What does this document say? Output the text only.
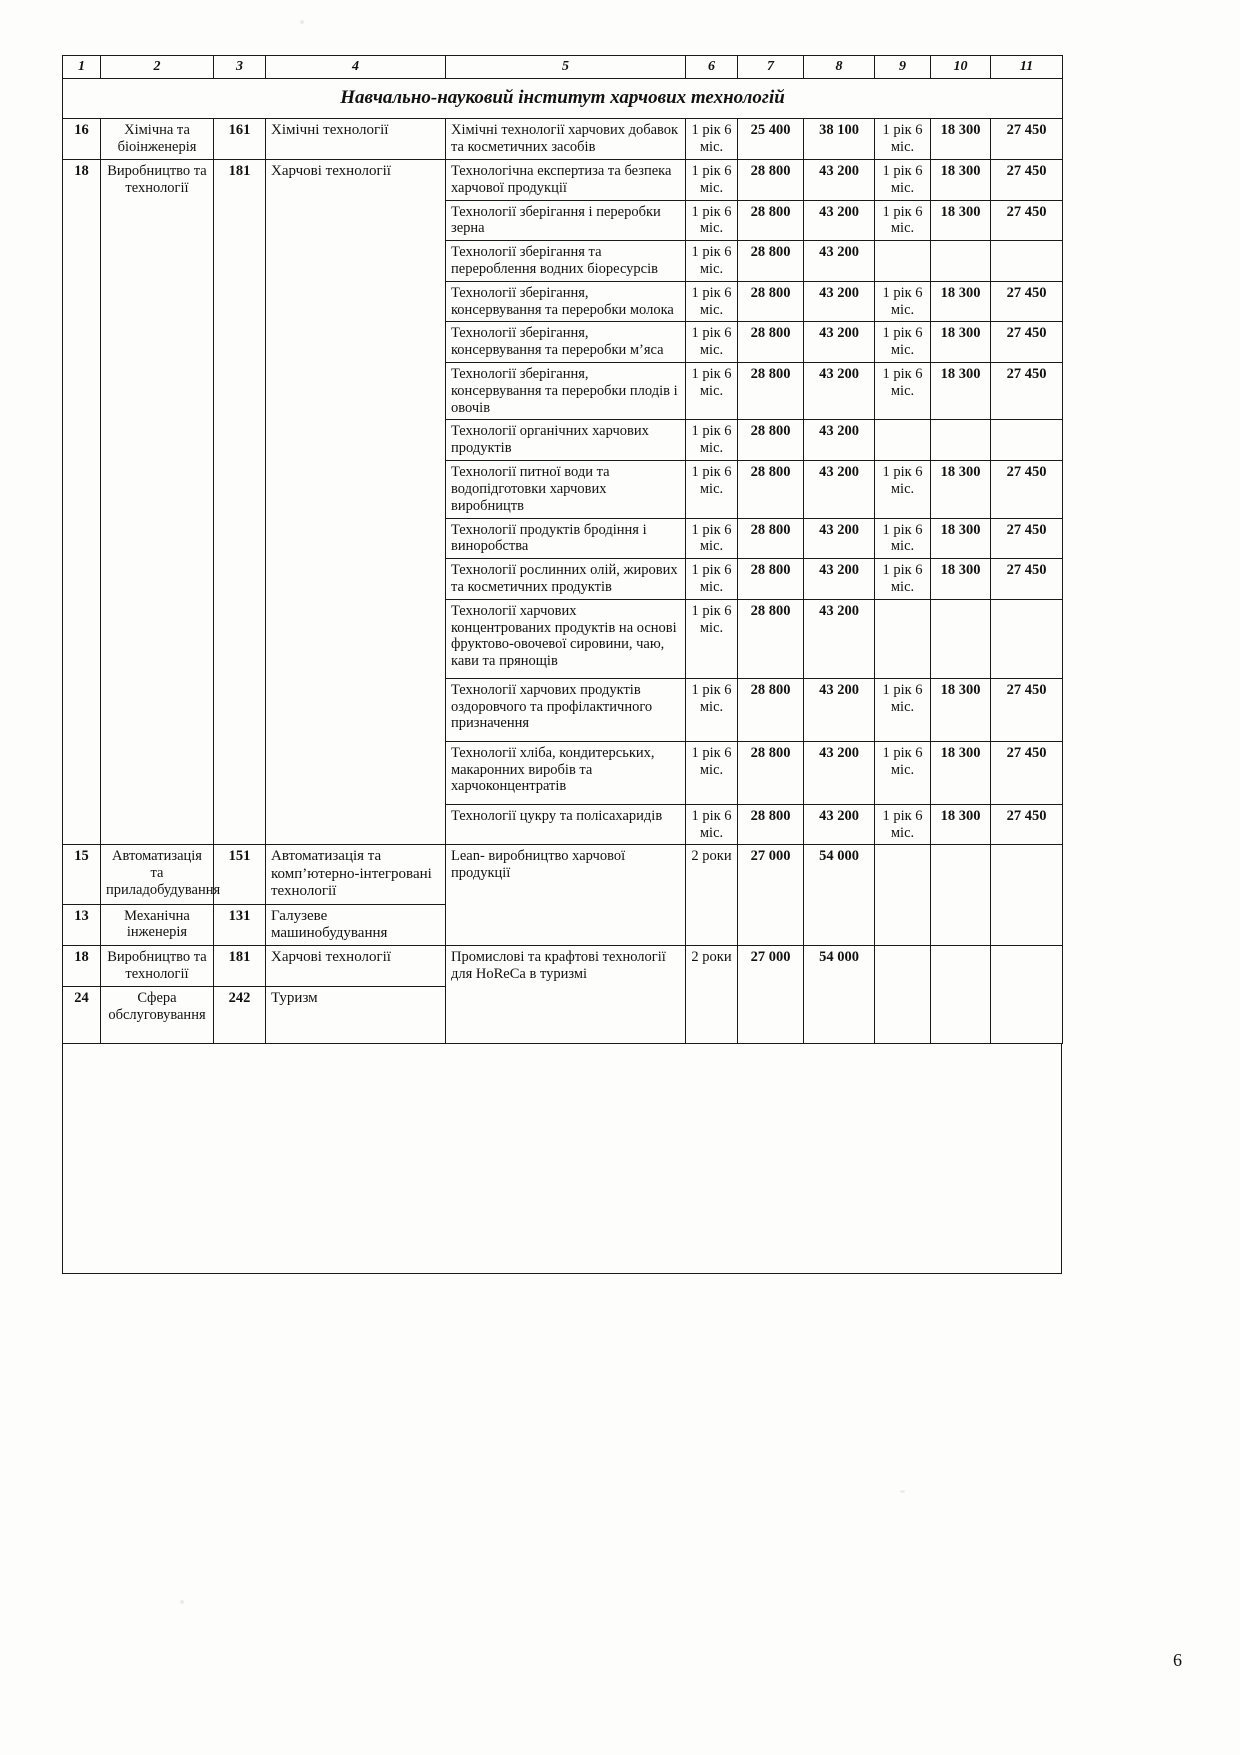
1	2	3	4	5	6	7	8	9	10	11
Навчально-науковий інститут харчових технологій										
16	Хімічна та біоінженерія	161	Хімічні технології	Хімічні технології харчових добавок та косметичних засобів	1 рік 6 міс.	25 400	38 100	1 рік 6 міс.	18 300	27 450
18	Виробництво та технології	181	Харчові технології	Технологічна експертиза та безпека харчової продукції	1 рік 6 міс.	28 800	43 200	1 рік 6 міс.	18 300	27 450
				Технології зберігання і переробки зерна	1 рік 6 міс.	28 800	43 200	1 рік 6 міс.	18 300	27 450
				Технології зберігання та перероблення водних біоресурсів	1 рік 6 міс.	28 800	43 200			
				Технології зберігання, консервування та переробки молока	1 рік 6 міс.	28 800	43 200	1 рік 6 міс.	18 300	27 450
				Технології зберігання, консервування та переробки м’яса	1 рік 6 міс.	28 800	43 200	1 рік 6 міс.	18 300	27 450
				Технології зберігання, консервування та переробки плодів і овочів	1 рік 6 міс.	28 800	43 200	1 рік 6 міс.	18 300	27 450
				Технології органічних харчових продуктів	1 рік 6 міс.	28 800	43 200			
				Технології питної води та водопідготовки харчових виробництв	1 рік 6 міс.	28 800	43 200	1 рік 6 міс.	18 300	27 450
				Технології продуктів бродіння і виноробства	1 рік 6 міс.	28 800	43 200	1 рік 6 міс.	18 300	27 450
				Технології рослинних олій, жирових та косметичних продуктів	1 рік 6 міс.	28 800	43 200	1 рік 6 міс.	18 300	27 450
				Технології харчових концентрованих продуктів на основі фруктово-овочевої сировини, чаю, кави та прянощів	1 рік 6 міс.	28 800	43 200			
				Технології харчових продуктів оздоровчого та профілактичного призначення	1 рік 6 міс.	28 800	43 200	1 рік 6 міс.	18 300	27 450
				Технології хліба, кондитерських, макаронних виробів та харчоконцентратів	1 рік 6 міс.	28 800	43 200	1 рік 6 міс.	18 300	27 450
				Технології цукру та полісахаридів	1 рік 6 міс.	28 800	43 200	1 рік 6 міс.	18 300	27 450
15	Автоматизація та приладобудування	151	Автоматизація та комп’ютерно-інтегровані технології	Lean- виробництво харчової продукції	2 роки	27 000	54 000			
13	Механічна інженерія	131	Галузеве машинобудування							
18	Виробництво та технології	181	Харчові технології	Промислові та крафтові технології для HoReCa в туризмі	2 роки	27 000	54 000			
24	Сфера обслуговування	242	Туризм							
6
